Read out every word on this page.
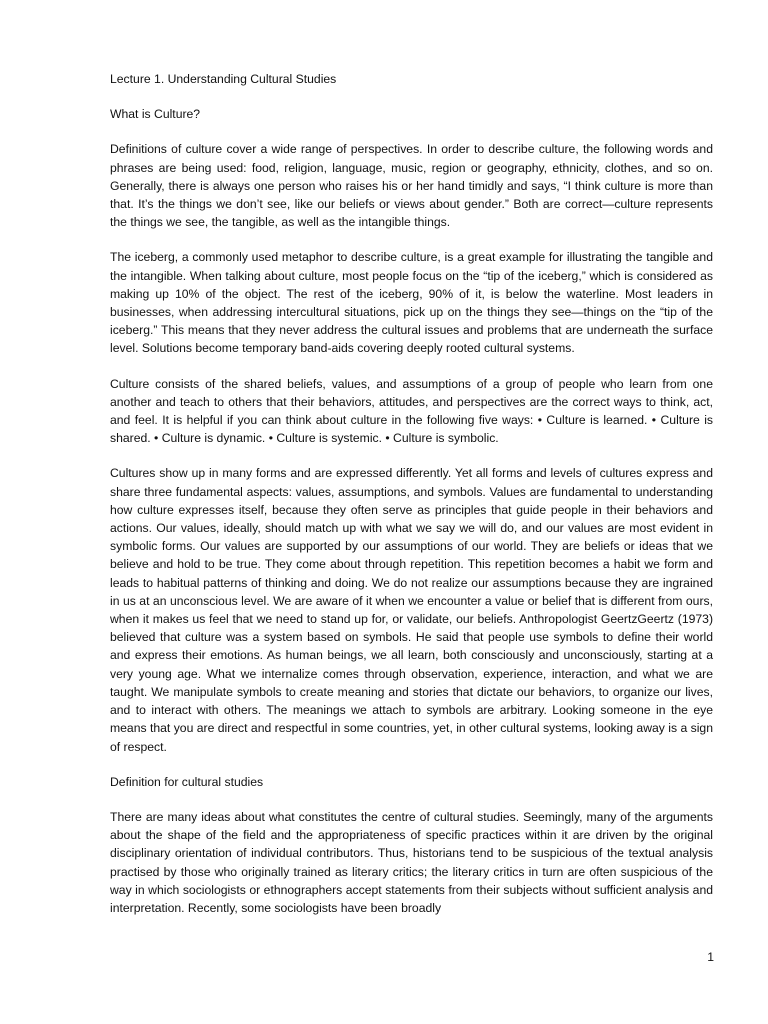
Lecture 1. Understanding Cultural Studies

What is Culture?

Definitions of culture cover a wide range of perspectives. In order to describe culture, the following words and phrases are being used: food, religion, language, music, region or geography, ethnicity, clothes, and so on. Generally, there is always one person who raises his or her hand timidly and says, “I think culture is more than that. It’s the things we don’t see, like our beliefs or views about gender.” Both are correct—culture represents the things we see, the tangible, as well as the intangible things.

The iceberg, a commonly used metaphor to describe culture, is a great example for illustrating the tangible and the intangible. When talking about culture, most people focus on the “tip of the iceberg,” which is considered as making up 10% of the object. The rest of the iceberg, 90% of it, is below the waterline. Most leaders in businesses, when addressing intercultural situations, pick up on the things they see—things on the “tip of the iceberg.” This means that they never address the cultural issues and problems that are underneath the surface level. Solutions become temporary band-aids covering deeply rooted cultural systems.

Culture consists of the shared beliefs, values, and assumptions of a group of people who learn from one another and teach to others that their behaviors, attitudes, and perspectives are the correct ways to think, act, and feel. It is helpful if you can think about culture in the following five ways: • Culture is learned. • Culture is shared. • Culture is dynamic. • Culture is systemic. • Culture is symbolic.

Cultures show up in many forms and are expressed differently. Yet all forms and levels of cultures express and share three fundamental aspects: values, assumptions, and symbols. Values are fundamental to understanding how culture expresses itself, because they often serve as principles that guide people in their behaviors and actions. Our values, ideally, should match up with what we say we will do, and our values are most evident in symbolic forms. Our values are supported by our assumptions of our world. They are beliefs or ideas that we believe and hold to be true. They come about through repetition. This repetition becomes a habit we form and leads to habitual patterns of thinking and doing. We do not realize our assumptions because they are ingrained in us at an unconscious level. We are aware of it when we encounter a value or belief that is different from ours, when it makes us feel that we need to stand up for, or validate, our beliefs. Anthropologist GeertzGeertz (1973) believed that culture was a system based on symbols. He said that people use symbols to define their world and express their emotions. As human beings, we all learn, both consciously and unconsciously, starting at a very young age. What we internalize comes through observation, experience, interaction, and what we are taught. We manipulate symbols to create meaning and stories that dictate our behaviors, to organize our lives, and to interact with others. The meanings we attach to symbols are arbitrary. Looking someone in the eye means that you are direct and respectful in some countries, yet, in other cultural systems, looking away is a sign of respect.

Definition for cultural studies

There are many ideas about what constitutes the centre of cultural studies. Seemingly, many of the arguments about the shape of the field and the appropriateness of specific practices within it are driven by the original disciplinary orientation of individual contributors. Thus, historians tend to be suspicious of the textual analysis practised by those who originally trained as literary critics; the literary critics in turn are often suspicious of the way in which sociologists or ethnographers accept statements from their subjects without sufficient analysis and interpretation. Recently, some sociologists have been broadly

1
